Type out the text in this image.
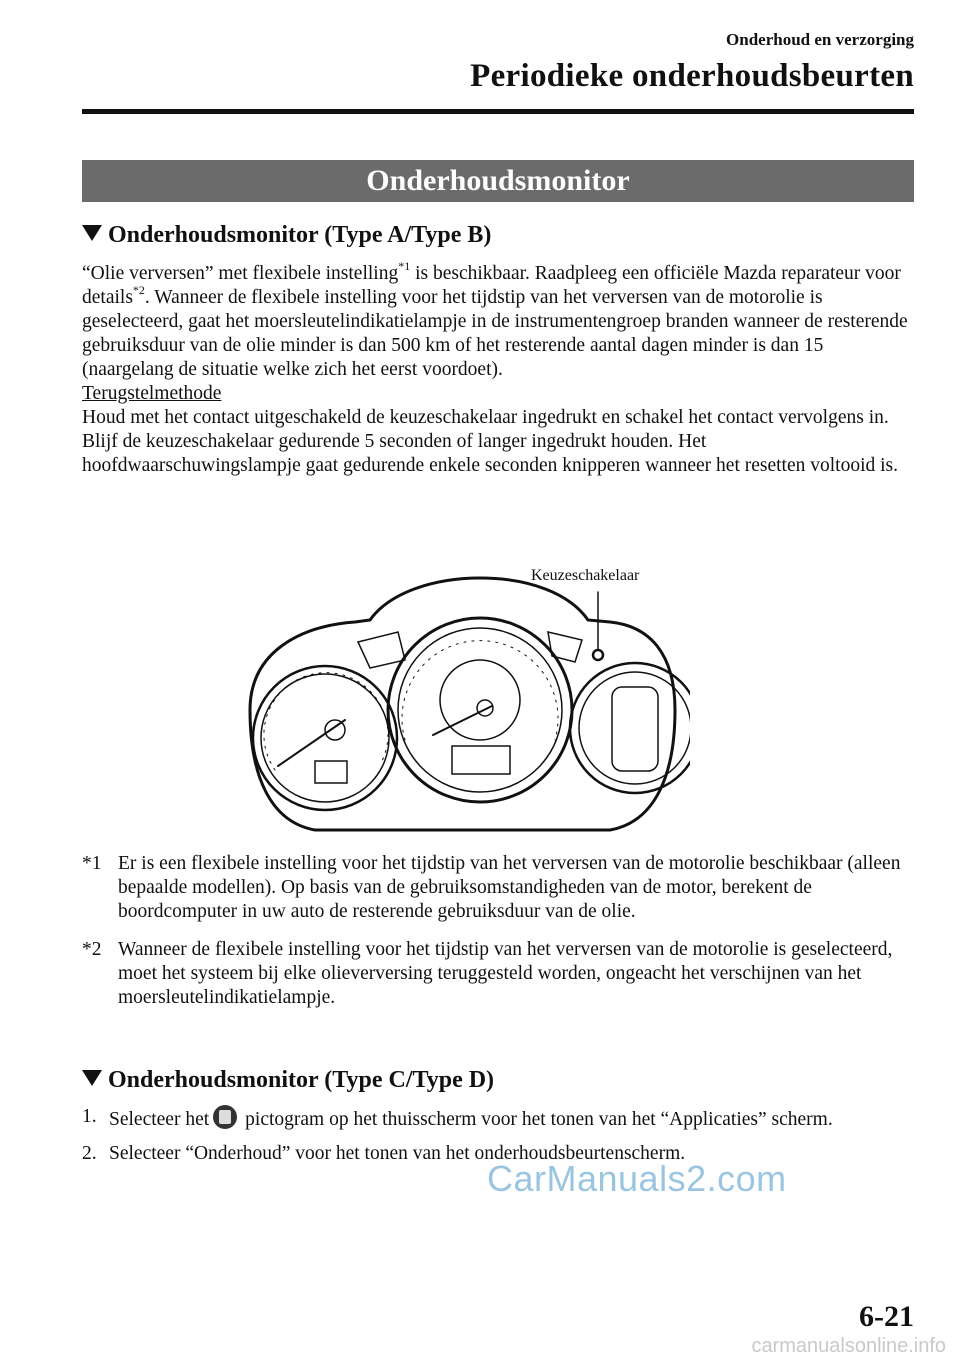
Onderhoud en verzorging
Periodieke onderhoudsbeurten
Onderhoudsmonitor
Onderhoudsmonitor (Type A/Type B)

“Olie verversen” met flexibele instelling$^{*1}$ is beschikbaar. Raadpleeg een officiële Mazda reparateur voor details$^{*2}$. Wanneer de flexibele instelling voor het tijdstip van het verversen van de motorolie is geselecteerd, gaat het moersleutelindikatielampje in de instrumentengroep branden wanneer de resterende gebruiksduur van de olie minder is dan 500 km of het resterende aantal dagen minder is dan 15 (naargelang de situatie welke zich het eerst voordoet).

Terugstelmethode

Houd met het contact uitgeschakeld de keuzeschakelaar ingedrukt en schakel het contact vervolgens in. Blijf de keuzeschakelaar gedurende 5 seconden of langer ingedrukt houden. Het hoofdwaarschuwingslampje gaat gedurende enkele seconden knipperen wanneer het resetten voltooid is.

Keuzeschakelaar
*1 Er is een flexibele instelling voor het tijdstip van het verversen van de motorolie beschikbaar (alleen bepaalde modellen). Op basis van de gebruiksomstandigheden van de motor, berekent de boordcomputer in uw auto de resterende gebruiksduur van de olie.
*2 Wanneer de flexibele instelling voor het tijdstip van het verversen van de motorolie is geselecteerd, moet het systeem bij elke olieverversing teruggesteld worden, ongeacht het verschijnen van het moersleutelindikatielampje.
Onderhoudsmonitor (Type C/Type D)
1. Selecteer het pictogram op het thuisscherm voor het tonen van het “Applicaties” scherm.
2. Selecteer “Onderhoud” voor het tonen van het onderhoudsbeurtenscherm.
CarManuals2.com
6-21
carmanualsonline.info
